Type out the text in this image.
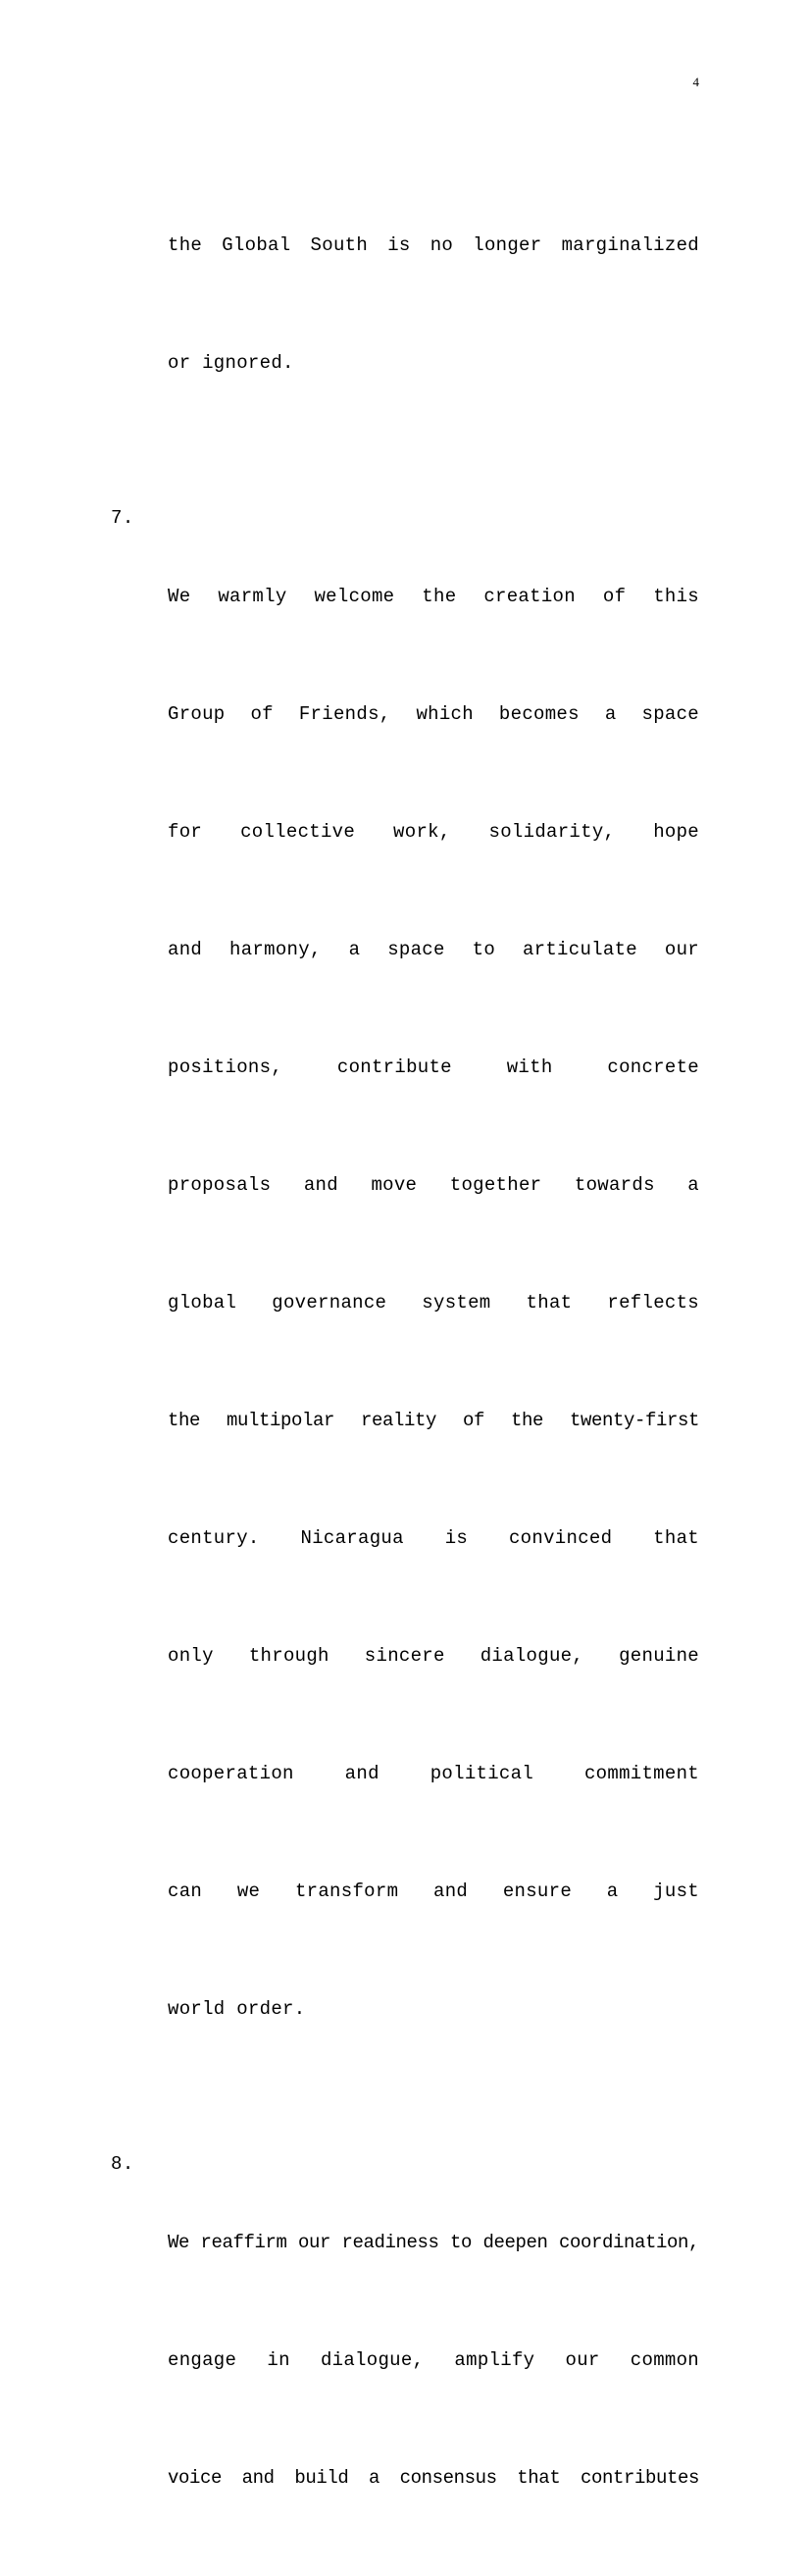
4

the Global South is no longer marginalized

or ignored.

7.

We warmly welcome the creation of this

Group of Friends, which becomes a space

for collective work, solidarity, hope

and harmony, a space to articulate our

positions, contribute with concrete

proposals and move together towards a

global governance system that reflects

the multipolar reality of the twenty-first

century. Nicaragua is convinced that

only through sincere dialogue, genuine

cooperation and political commitment

can we transform and ensure a just

world order.

8.

We reaffirm our readiness to deepen coordination,

engage in dialogue, amplify our common

voice and build a consensus that contributes
